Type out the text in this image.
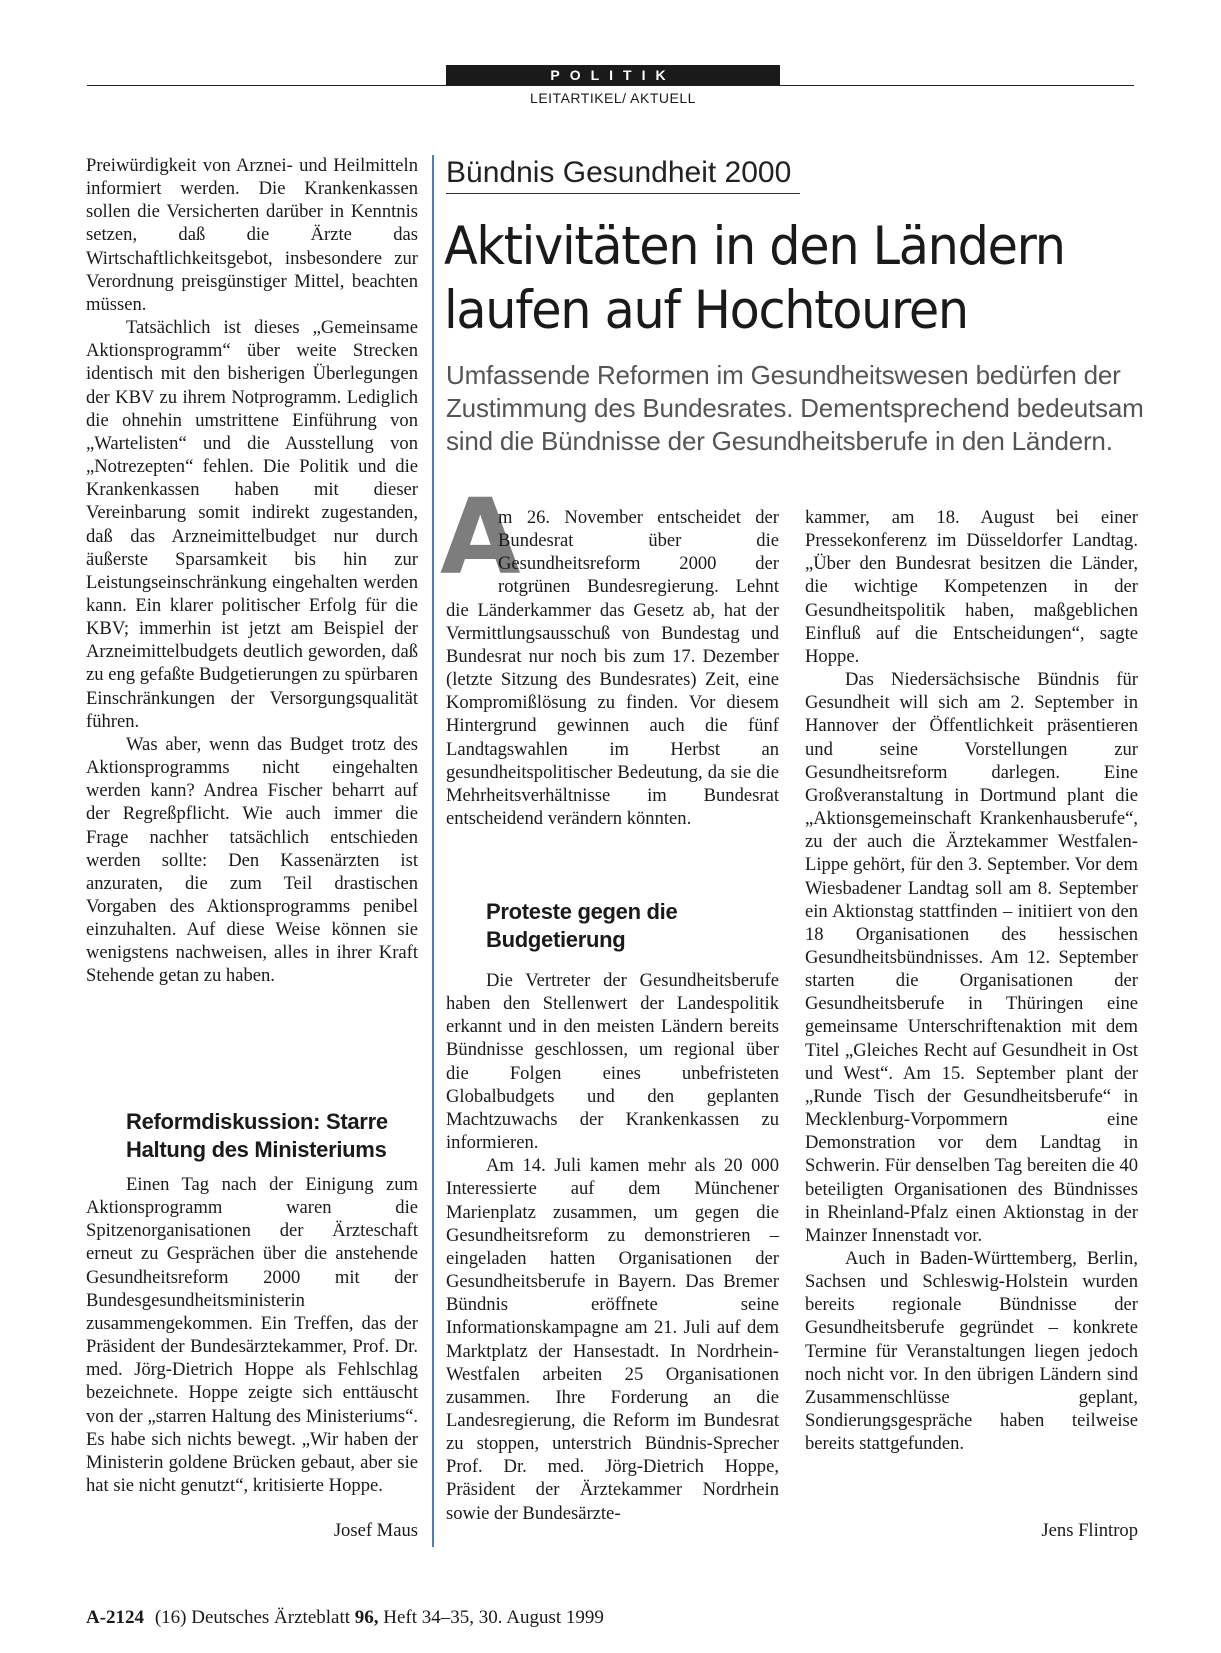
POLITIK
LEITARTIKEL/ AKTUELL

Preiwürdigkeit von Arznei- und Heilmitteln informiert werden. Die Krankenkassen sollen die Versicherten darüber in Kenntnis setzen, daß die Ärzte das Wirtschaftlichkeitsgebot, insbesondere zur Verordnung preisgünstiger Mittel, beachten müssen.

Tatsächlich ist dieses „Gemeinsame Aktionsprogramm“ über weite Strecken identisch mit den bisherigen Überlegungen der KBV zu ihrem Notprogramm. Lediglich die ohnehin umstrittene Einführung von „Wartelisten“ und die Ausstellung von „Notrezepten“ fehlen. Die Politik und die Krankenkassen haben mit dieser Vereinbarung somit indirekt zugestanden, daß das Arzneimittelbudget nur durch äußerste Sparsamkeit bis hin zur Leistungseinschränkung eingehalten werden kann. Ein klarer politischer Erfolg für die KBV; immerhin ist jetzt am Beispiel der Arzneimittelbudgets deutlich geworden, daß zu eng gefaßte Budgetierungen zu spürbaren Einschränkungen der Versorgungsqualität führen.

Was aber, wenn das Budget trotz des Aktionsprogramms nicht eingehalten werden kann? Andrea Fischer beharrt auf der Regreßpflicht. Wie auch immer die Frage nachher tatsächlich entschieden werden sollte: Den Kassenärzten ist anzuraten, die zum Teil drastischen Vorgaben des Aktionsprogramms penibel einzuhalten. Auf diese Weise können sie wenigstens nachweisen, alles in ihrer Kraft Stehende getan zu haben.

Reformdiskussion: Starre Haltung des Ministeriums

Einen Tag nach der Einigung zum Aktionsprogramm waren die Spitzenorganisationen der Ärzteschaft erneut zu Gesprächen über die anstehende Gesundheitsreform 2000 mit der Bundesgesundheitsministerin zusammengekommen. Ein Treffen, das der Präsident der Bundesärztekammer, Prof. Dr. med. Jörg-Dietrich Hoppe als Fehlschlag bezeichnete. Hoppe zeigte sich enttäuscht von der „starren Haltung des Ministeriums“. Es habe sich nichts bewegt. „Wir haben der Ministerin goldene Brücken gebaut, aber sie hat sie nicht genutzt“, kritisierte Hoppe.

Josef Maus
Bündnis Gesundheit 2000
Aktivitäten in den Ländern
laufen auf Hochtouren
Umfassende Reformen im Gesundheitswesen bedürfen der Zustimmung des Bundesrates. Dementsprechend bedeutsam sind die Bündnisse der Gesundheitsberufe in den Ländern.
A

m 26. November entscheidet der Bundesrat über die Gesundheitsreform 2000 der rotgrünen Bundesregierung. Lehnt die Länderkammer das Gesetz ab, hat der Vermittlungsausschuß von Bundestag und Bundesrat nur noch bis zum 17. Dezember (letzte Sitzung des Bundesrates) Zeit, eine Kompromißlösung zu finden. Vor diesem Hintergrund gewinnen auch die fünf Landtagswahlen im Herbst an gesundheitspolitischer Bedeutung, da sie die Mehrheitsverhältnisse im Bundesrat entscheidend verändern könnten.

Proteste gegen die Budgetierung

Die Vertreter der Gesundheitsberufe haben den Stellenwert der Landespolitik erkannt und in den meisten Ländern bereits Bündnisse geschlossen, um regional über die Folgen eines unbefristeten Globalbudgets und den geplanten Machtzuwachs der Krankenkassen zu informieren.

Am 14. Juli kamen mehr als 20 000 Interessierte auf dem Münchener Marienplatz zusammen, um gegen die Gesundheitsreform zu demonstrieren – eingeladen hatten Organisationen der Gesundheitsberufe in Bayern. Das Bremer Bündnis eröffnete seine Informationskampagne am 21. Juli auf dem Marktplatz der Hansestadt. In Nordrhein-Westfalen arbeiten 25 Organisationen zusammen. Ihre Forderung an die Landesregierung, die Reform im Bundesrat zu stoppen, unterstrich Bündnis-Sprecher Prof. Dr. med. Jörg-Dietrich Hoppe, Präsident der Ärztekammer Nordrhein sowie der Bundesärzte-

kammer, am 18. August bei einer Pressekonferenz im Düsseldorfer Landtag. „Über den Bundesrat besitzen die Länder, die wichtige Kompetenzen in der Gesundheitspolitik haben, maßgeblichen Einfluß auf die Entscheidungen“, sagte Hoppe.

Das Niedersächsische Bündnis für Gesundheit will sich am 2. September in Hannover der Öffentlichkeit präsentieren und seine Vorstellungen zur Gesundheitsreform darlegen. Eine Großveranstaltung in Dortmund plant die „Aktionsgemeinschaft Krankenhausberufe“, zu der auch die Ärztekammer Westfalen-Lippe gehört, für den 3. September. Vor dem Wiesbadener Landtag soll am 8. September ein Aktionstag stattfinden – initiiert von den 18 Organisationen des hessischen Gesundheitsbündnisses. Am 12. September starten die Organisationen der Gesundheitsberufe in Thüringen eine gemeinsame Unterschriftenaktion mit dem Titel „Gleiches Recht auf Gesundheit in Ost und West“. Am 15. September plant der „Runde Tisch der Gesundheitsberufe“ in Mecklenburg-Vorpommern eine Demonstration vor dem Landtag in Schwerin. Für denselben Tag bereiten die 40 beteiligten Organisationen des Bündnisses in Rheinland-Pfalz einen Aktionstag in der Mainzer Innenstadt vor.

Auch in Baden-Württemberg, Berlin, Sachsen und Schleswig-Holstein wurden bereits regionale Bündnisse der Gesundheitsberufe gegründet – konkrete Termine für Veranstaltungen liegen jedoch noch nicht vor. In den übrigen Ländern sind Zusammenschlüsse geplant, Sondierungsgespräche haben teilweise bereits stattgefunden.

Jens Flintrop
A-2124 (16) Deutsches Ärzteblatt 96, Heft 34–35, 30. August 1999
